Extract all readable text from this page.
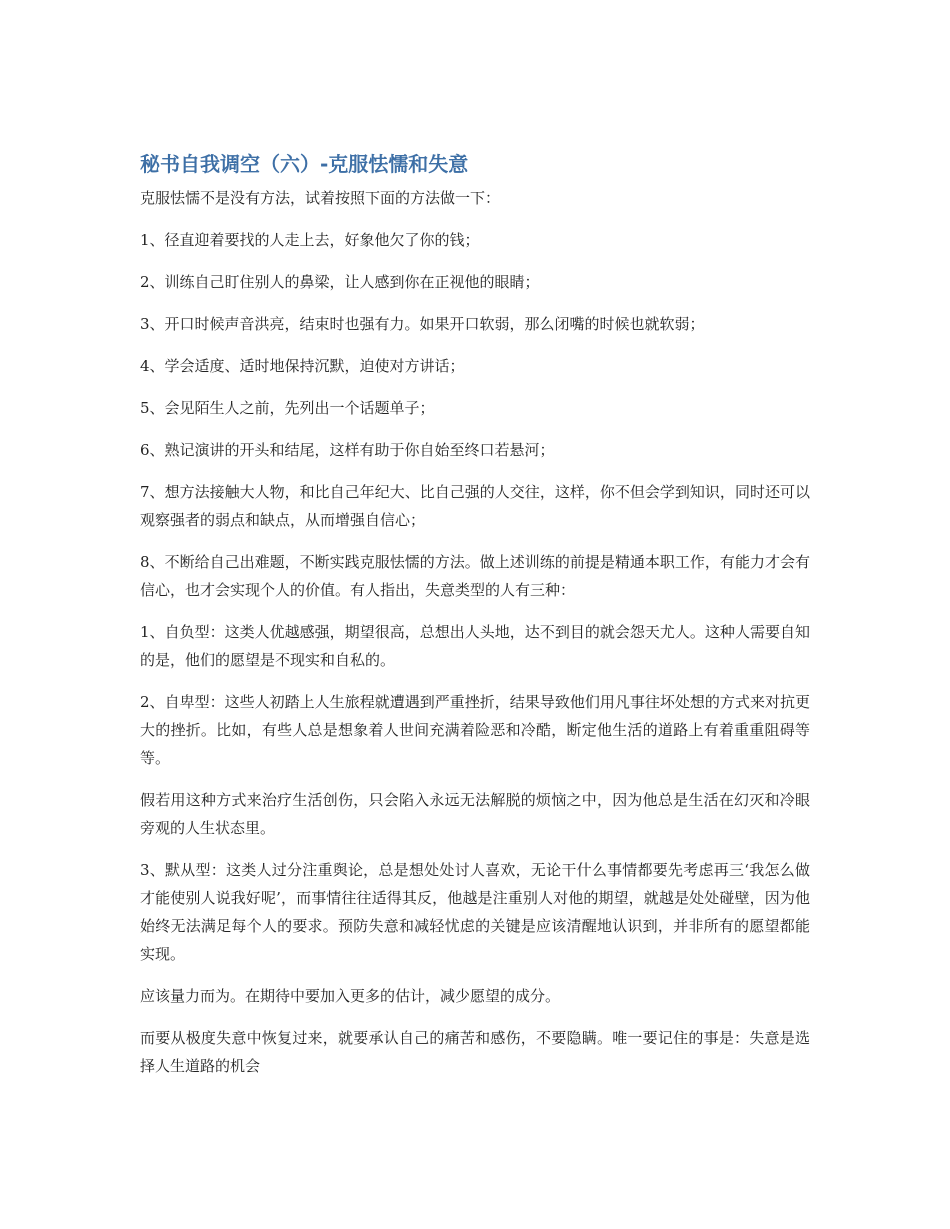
秘书自我调空（六）-克服怯懦和失意

克服怯懦不是没有方法，试着按照下面的方法做一下：

1、径直迎着要找的人走上去，好象他欠了你的钱；

2、训练自己盯住别人的鼻梁，让人感到你在正视他的眼睛；

3、开口时候声音洪亮，结束时也强有力。如果开口软弱，那么闭嘴的时候也就软弱；

4、学会适度、适时地保持沉默，迫使对方讲话；

5、会见陌生人之前，先列出一个话题单子；

6、熟记演讲的开头和结尾，这样有助于你自始至终口若悬河；

7、想方法接触大人物，和比自己年纪大、比自己强的人交往，这样，你不但会学到知识，同时还可以观察强者的弱点和缺点，从而增强自信心；

8、不断给自己出难题，不断实践克服怯懦的方法。做上述训练的前提是精通本职工作，有能力才会有信心，也才会实现个人的价值。有人指出，失意类型的人有三种：

1、自负型：这类人优越感强，期望很高，总想出人头地，达不到目的就会怨天尤人。这种人需要自知的是，他们的愿望是不现实和自私的。

2、自卑型：这些人初踏上人生旅程就遭遇到严重挫折，结果导致他们用凡事往坏处想的方式来对抗更大的挫折。比如，有些人总是想象着人世间充满着险恶和冷酷，断定他生活的道路上有着重重阻碍等等。

假若用这种方式来治疗生活创伤，只会陷入永远无法解脱的烦恼之中，因为他总是生活在幻灭和冷眼旁观的人生状态里。

3、默从型：这类人过分注重舆论，总是想处处讨人喜欢，无论干什么事情都要先考虑再三‘我怎么做才能使别人说我好呢’，而事情往往适得其反，他越是注重别人对他的期望，就越是处处碰壁，因为他始终无法满足每个人的要求。预防失意和减轻忧虑的关键是应该清醒地认识到，并非所有的愿望都能实现。

应该量力而为。在期待中要加入更多的估计，减少愿望的成分。

而要从极度失意中恢复过来，就要承认自己的痛苦和感伤，不要隐瞒。唯一要记住的事是：失意是选择人生道路的机会
